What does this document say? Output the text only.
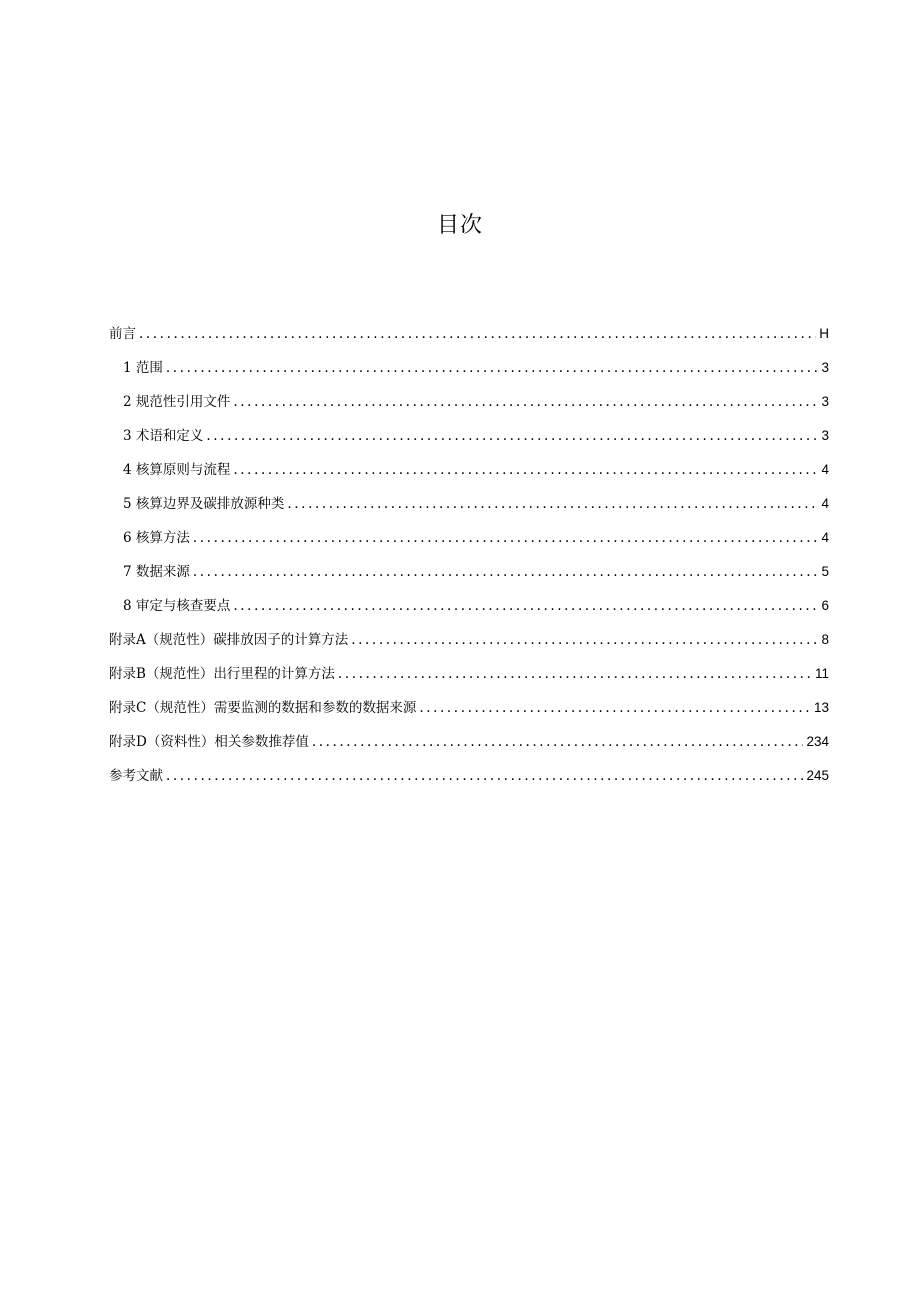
目次
前言 .....	H
1 范围 .....	3
2 规范性引用文件 .....	3
3 术语和定义 .....	3
4 核算原则与流程 .....	4
5 核算边界及碳排放源种类 .....	4
6 核算方法 .....	4
7 数据来源 .....	5
8 审定与核查要点 .....	6
附录A（规范性）碳排放因子的计算方法 .....	8
附录B（规范性）出行里程的计算方法 .....	11
附录C（规范性）需要监测的数据和参数的数据来源 .....	13
附录D（资料性）相关参数推荐值 .....	234
参考文献 .....	245
